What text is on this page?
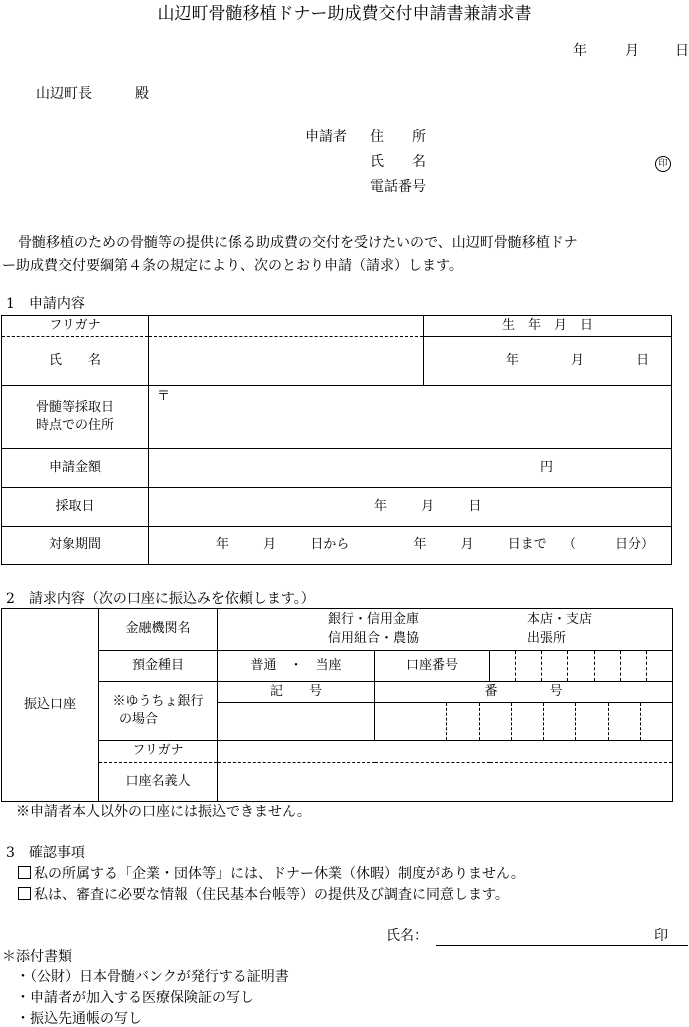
山辺町骨髄移植ドナー助成費交付申請書兼請求書
年	月	日
山辺町長	殿
申請者 住　　所
氏　　名	印
電話番号
骨髄移植のための骨髄等の提供に係る助成費の交付を受けたいので、山辺町骨髄移植ドナ
ー助成費交付要綱第４条の規定により、次のとおり申請（請求）します。
1　申請内容
フリガナ		生　年　月　日
氏　　名		年 月 日

骨髄等採取日
時点での住所	〒	
申請金額	円	
採取日	年 月 日	
対象期間	年 月 日から 年 月 日まで （　　　日分）	
2　請求内容（次の口座に振込みを依頼します。）
振込口座	金融機関名	銀行・信用金庫
信用組合・農協
本店・支店
出張所		

	預金種目	普通　・　当座	口座番号	

	※ゆうちょ銀行
の場合	記　　号	番　　　　号	

	フリガナ			
	口座名義人			
※申請者本人以外の口座には振込できません。
3　確認事項
私の所属する「企業・団体等」には、ドナー休業（休暇）制度がありません。
私は、審査に必要な情報（住民基本台帳等）の提供及び調査に同意します。
氏名：	印
＊添付書類
・（公財）日本骨髄バンクが発行する証明書
・申請者が加入する医療保険証の写し
・振込先通帳の写し
